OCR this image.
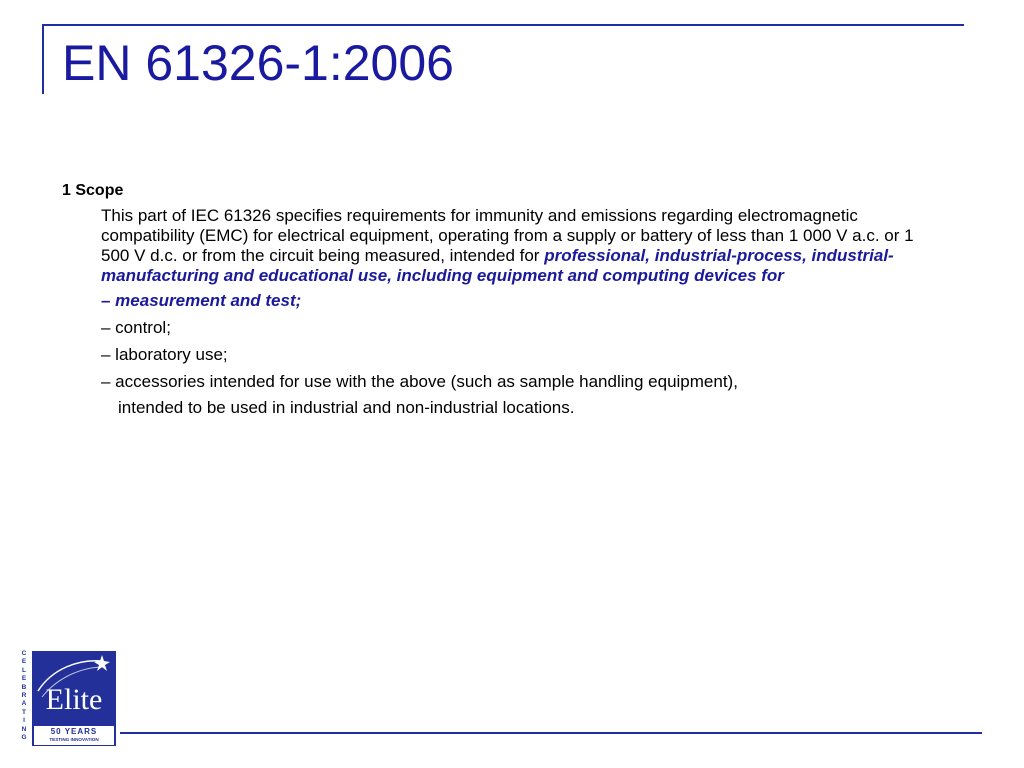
EN 61326-1:2006
1 Scope

This part of IEC 61326 specifies requirements for immunity and emissions regarding electromagnetic compatibility (EMC) for electrical equipment, operating from a supply or battery of less than 1 000 V a.c. or 1 500 V d.c. or from the circuit being measured, intended for professional, industrial-process, industrial-manufacturing and educational use, including equipment and computing devices for

– measurement and test;
– control;
– laboratory use;
– accessories intended for use with the above (such as sample handling equipment),
intended to be used in industrial and non-industrial locations.
C
E
L
E
B
R
A
T
I
N
G
Elite
50 YEARS
TESTING INNOVATION
